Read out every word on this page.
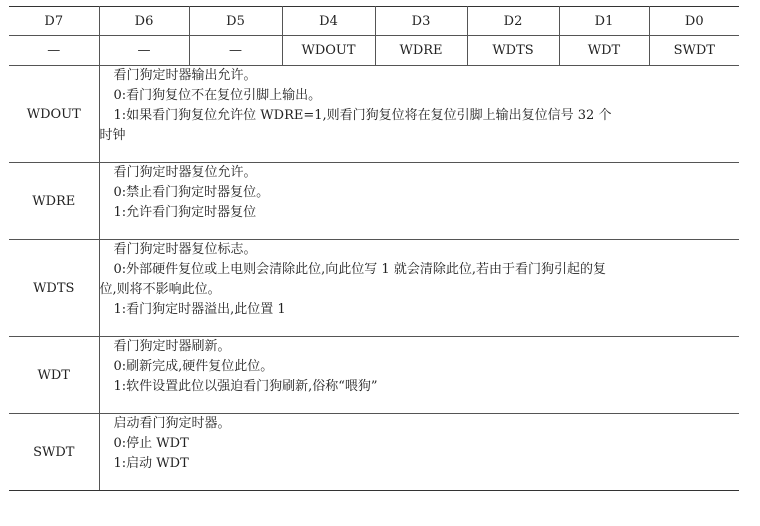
D7	D6	D5	D4	D3	D2	D1	D0
—	—	—	WDOUT	WDRE	WDTS	WDT	SWDT
WDOUT	看门狗定时器输出允许。

0:看门狗复位不在复位引脚上输出。

1:如果看门狗复位允许位 WDRE=1,则看门狗复位将在复位引脚上输出复位信号 32 个

时钟						

WDRE	看门狗定时器复位允许。

0:禁止看门狗定时器复位。

1:允许看门狗定时器复位						

WDTS	看门狗定时器复位标志。

0:外部硬件复位或上电则会清除此位,向此位写 1 就会清除此位,若由于看门狗引起的复

位,则将不影响此位。

1:看门狗定时器溢出,此位置 1						

WDT	看门狗定时器刷新。

0:刷新完成,硬件复位此位。

1:软件设置此位以强迫看门狗刷新,俗称“喂狗”						

SWDT	启动看门狗定时器。

0:停止 WDT

1:启动 WDT						
